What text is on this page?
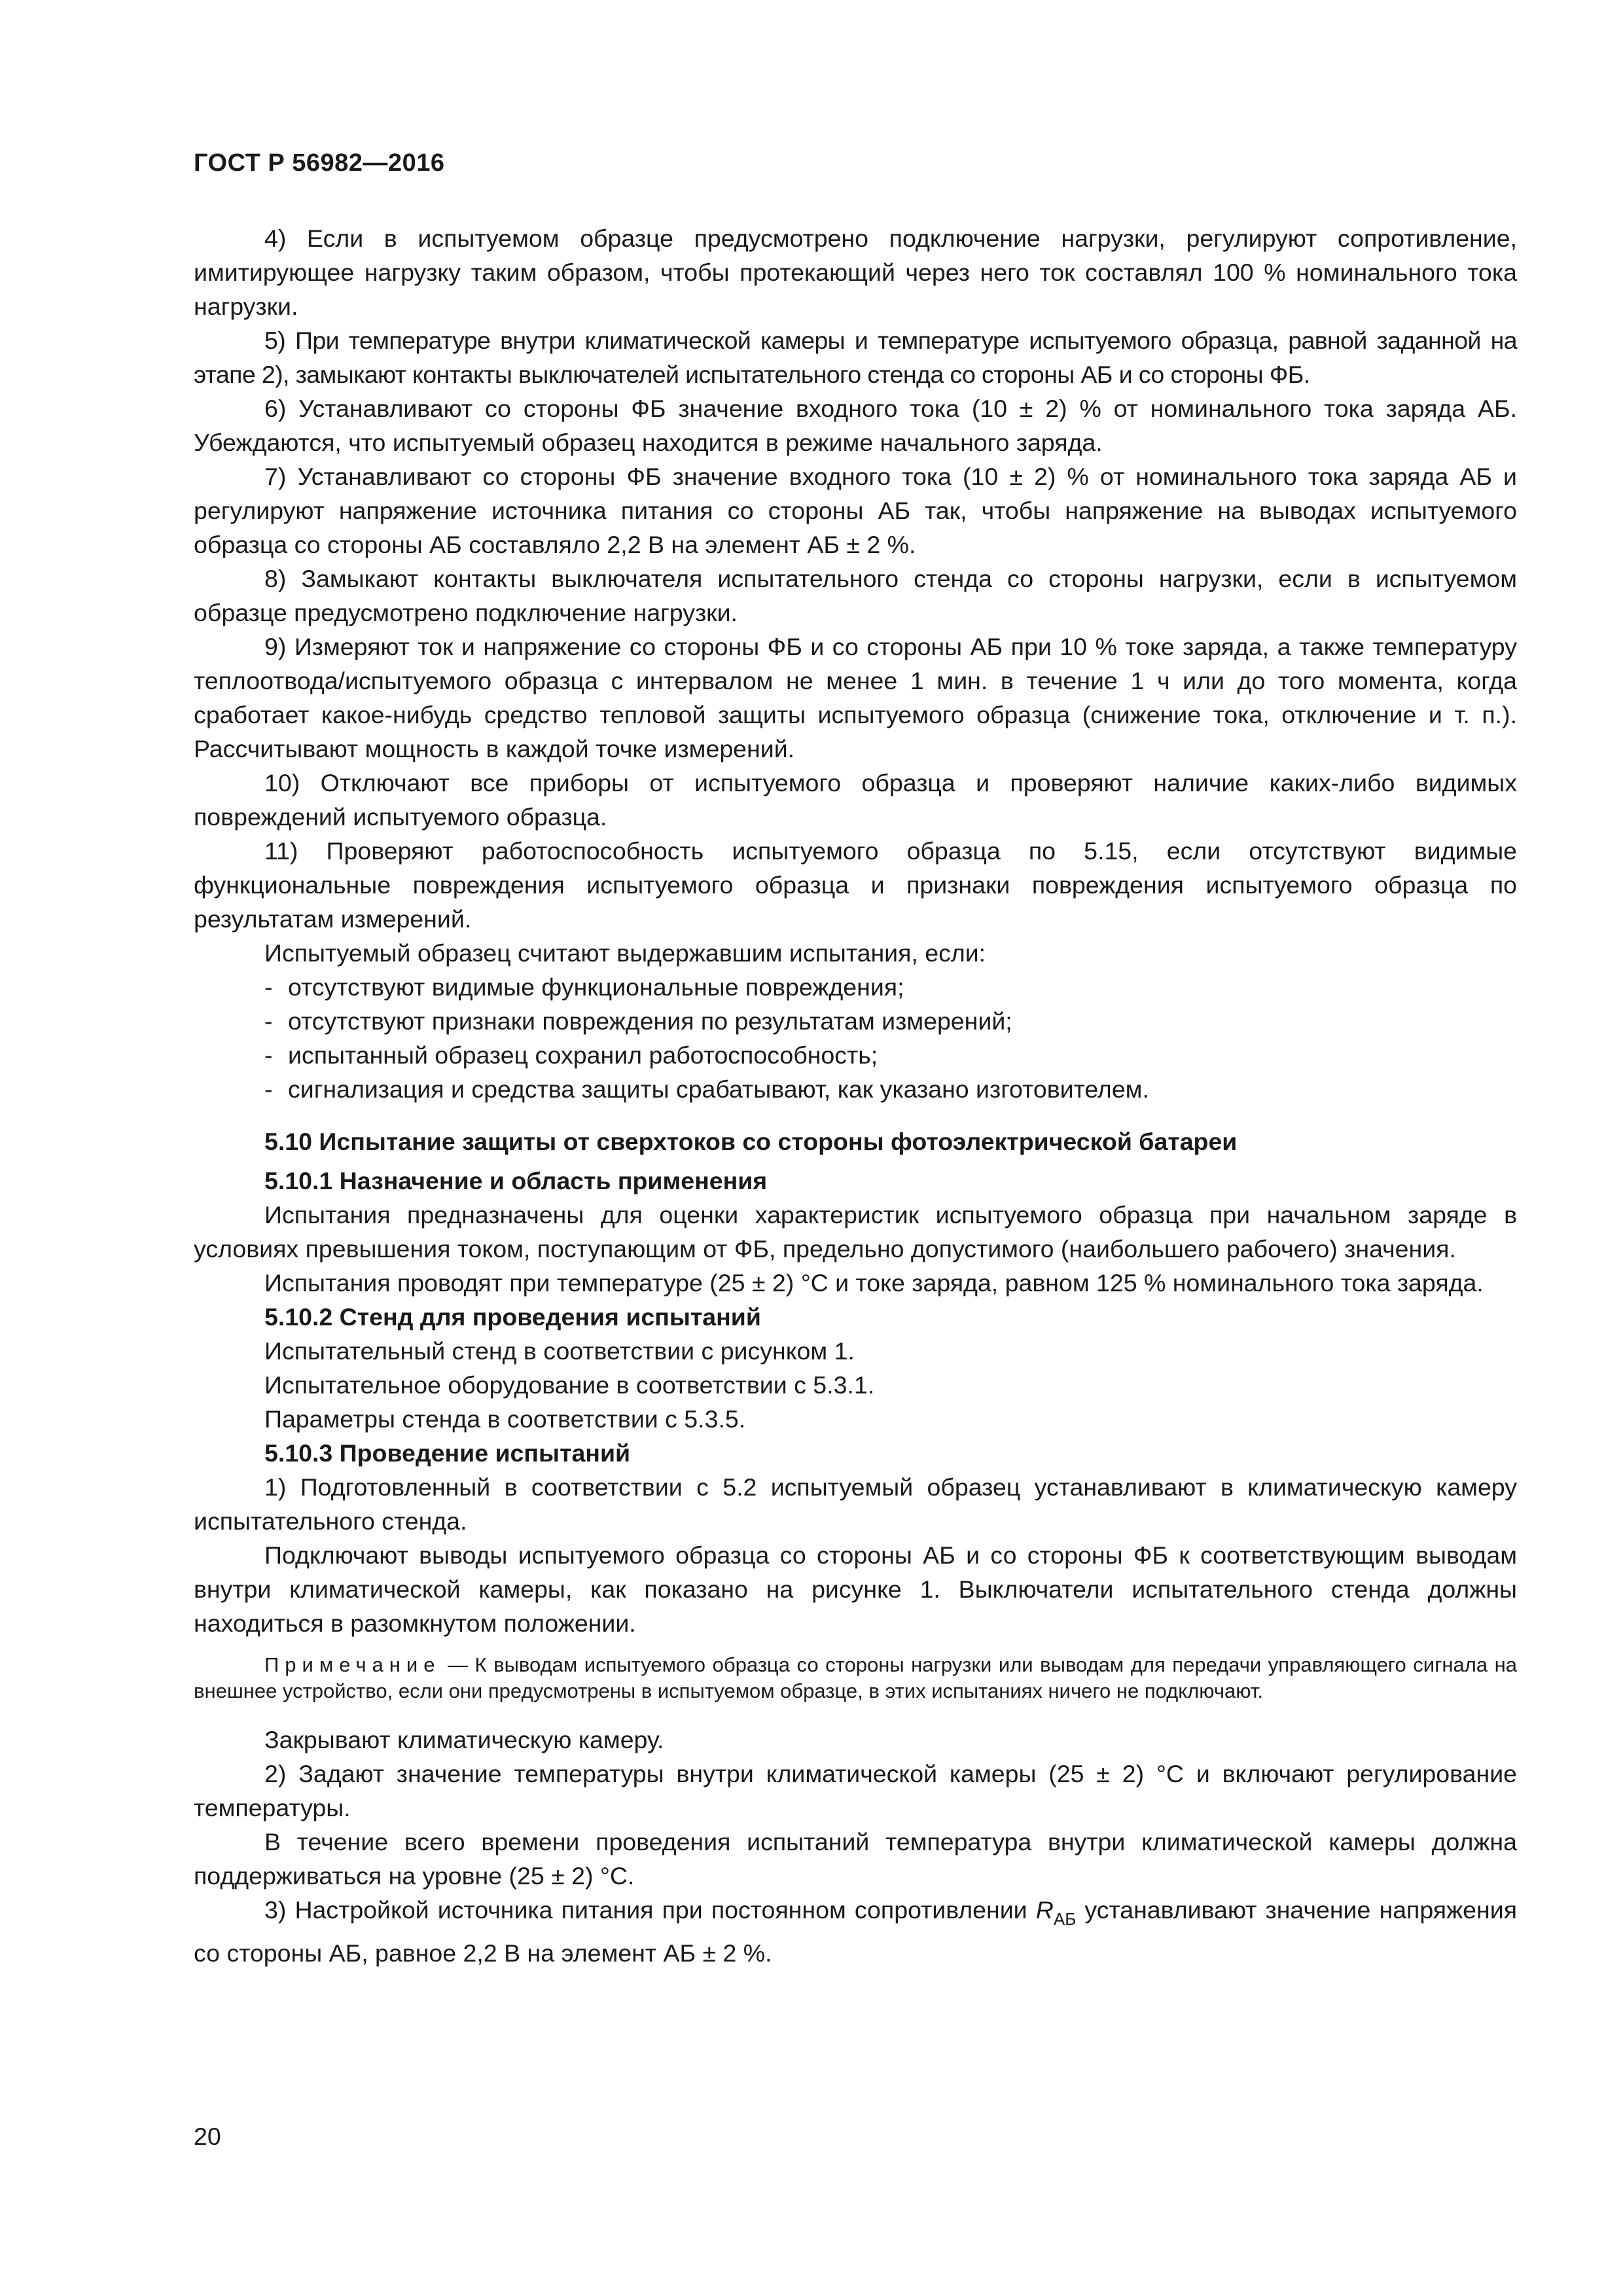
ГОСТ Р 56982—2016

4) Если в испытуемом образце предусмотрено подключение нагрузки, регулируют сопротивление, имитирующее нагрузку таким образом, чтобы протекающий через него ток составлял 100 % номинального тока нагрузки.

5) При температуре внутри климатической камеры и температуре испытуемого образца, равной заданной на этапе 2), замыкают контакты выключателей испытательного стенда со стороны АБ и со стороны ФБ.

6) Устанавливают со стороны ФБ значение входного тока (10 ± 2) % от номинального тока заряда АБ. Убеждаются, что испытуемый образец находится в режиме начального заряда.

7) Устанавливают со стороны ФБ значение входного тока (10 ± 2) % от номинального тока заряда АБ и регулируют напряжение источника питания со стороны АБ так, чтобы напряжение на выводах испытуемого образца со стороны АБ составляло 2,2 В на элемент АБ ± 2 %.

8) Замыкают контакты выключателя испытательного стенда со стороны нагрузки, если в испытуемом образце предусмотрено подключение нагрузки.

9) Измеряют ток и напряжение со стороны ФБ и со стороны АБ при 10 % токе заряда, а также температуру теплоотвода/испытуемого образца с интервалом не менее 1 мин. в течение 1 ч или до того момента, когда сработает какое-нибудь средство тепловой защиты испытуемого образца (снижение тока, отключение и т. п.). Рассчитывают мощность в каждой точке измерений.

10) Отключают все приборы от испытуемого образца и проверяют наличие каких-либо видимых повреждений испытуемого образца.

11) Проверяют работоспособность испытуемого образца по 5.15, если отсутствуют видимые функциональные повреждения испытуемого образца и признаки повреждения испытуемого образца по результатам измерений.

Испытуемый образец считают выдержавшим испытания, если:

- отсутствуют видимые функциональные повреждения;

- отсутствуют признаки повреждения по результатам измерений;

- испытанный образец сохранил работоспособность;

- сигнализация и средства защиты срабатывают, как указано изготовителем.

5.10 Испытание защиты от сверхтоков со стороны фотоэлектрической батареи

5.10.1 Назначение и область применения

Испытания предназначены для оценки характеристик испытуемого образца при начальном заряде в условиях превышения током, поступающим от ФБ, предельно допустимого (наибольшего рабочего) значения.

Испытания проводят при температуре (25 ± 2) °С и токе заряда, равном 125 % номинального тока заряда.

5.10.2 Стенд для проведения испытаний

Испытательный стенд в соответствии с рисунком 1.

Испытательное оборудование в соответствии с 5.3.1.

Параметры стенда в соответствии с 5.3.5.

5.10.3 Проведение испытаний

1) Подготовленный в соответствии с 5.2 испытуемый образец устанавливают в климатическую камеру испытательного стенда.

Подключают выводы испытуемого образца со стороны АБ и со стороны ФБ к соответствующим выводам внутри климатической камеры, как показано на рисунке 1. Выключатели испытательного стенда должны находиться в разомкнутом положении.

Примечание — К выводам испытуемого образца со стороны нагрузки или выводам для передачи управляющего сигнала на внешнее устройство, если они предусмотрены в испытуемом образце, в этих испытаниях ничего не подключают.

Закрывают климатическую камеру.

2) Задают значение температуры внутри климатической камеры (25 ± 2) °С и включают регулирование температуры.

В течение всего времени проведения испытаний температура внутри климатической камеры должна поддерживаться на уровне (25 ± 2) °С.

3) Настройкой источника питания при постоянном сопротивлении $R_{АБ}$ устанавливают значение напряжения со стороны АБ, равное 2,2 В на элемент АБ ± 2 %.

20
